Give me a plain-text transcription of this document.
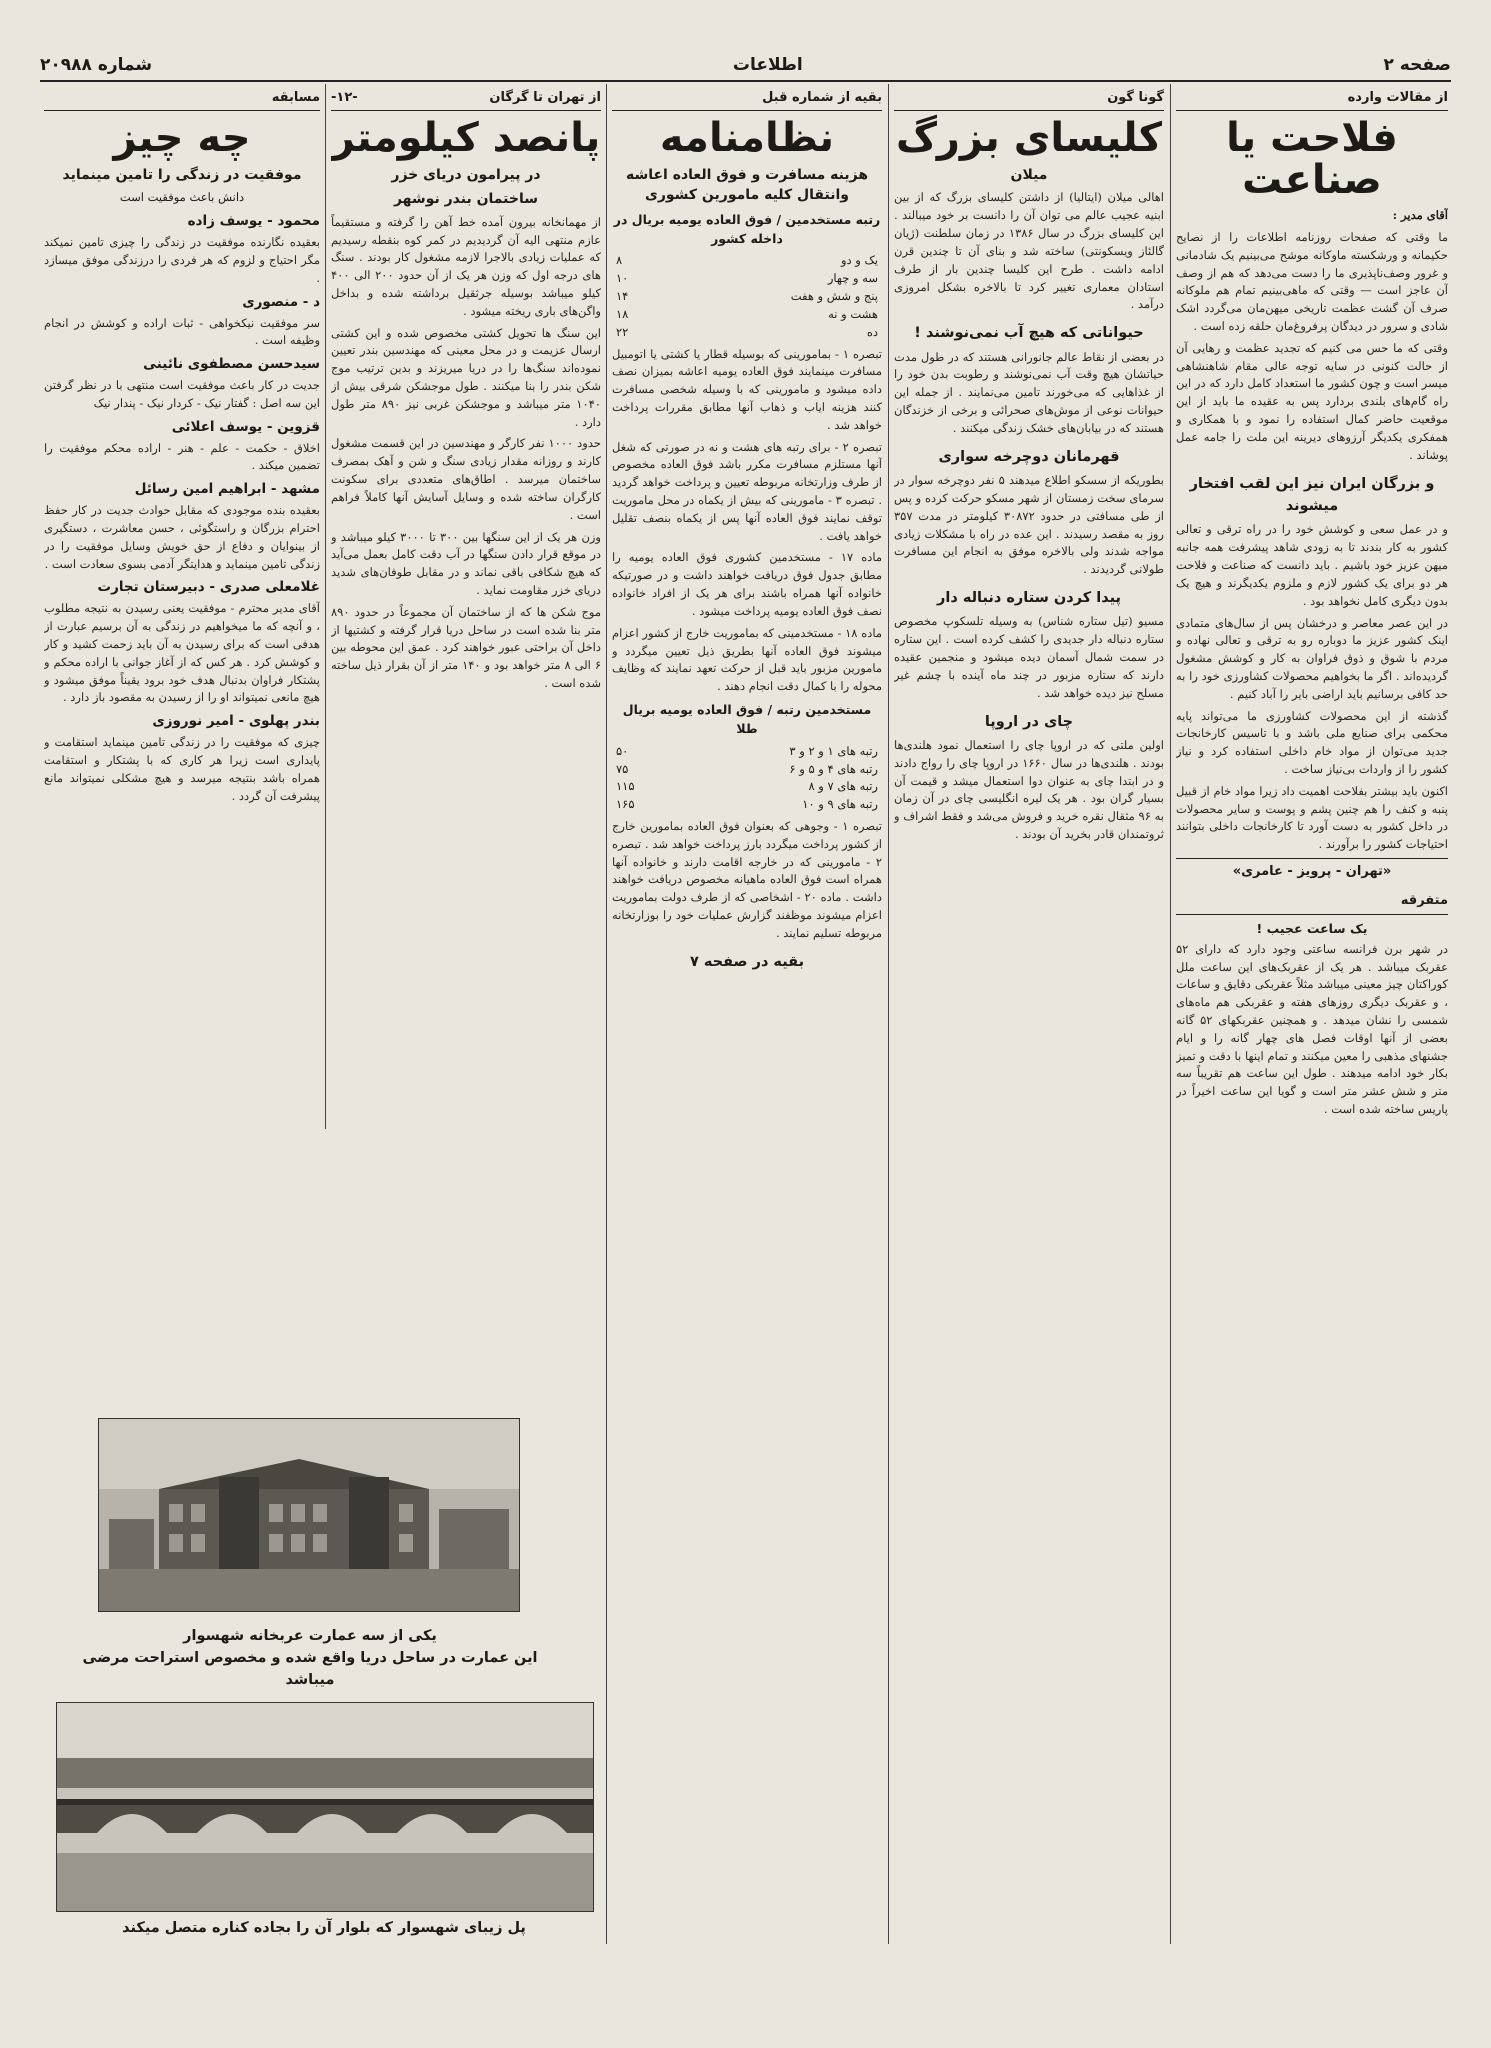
صفحه ۲
اطلاعات
شماره ۲۰۹۸۸
از مقالات وارده
فلاحت یا صناعت

آقای مدیر :

ما وقتی که صفحات روزنامه اطلاعات را از نصایح حکیمانه و ورشکسته ماوکانه موشح می‌بینیم یک شادمانی و غرور وصف‌ناپذیری ما را دست می‌دهد که هم از وصف آن عاجز است — وقتی که ماهی‌بینیم تمام هم ملوکانه صرف آن گشت عظمت تاریخی میهن‌مان می‌گردد اشک شادی و سرور در دیدگان پرفروغ‌مان حلقه زده است .

وقتی که ما حس می کنیم که تجدید عظمت و رهایی آن از حالت کنونی در سایه توجه عالی مقام شاهنشاهی میسر است و چون کشور ما استعداد کامل دارد که در این راه گام‌های بلندی بردارد پس به عقیده ما باید از این موقعیت حاضر کمال استفاده را نمود و با همکاری و همفکری یکدیگر آرزوهای دیرینه این ملت را جامه عمل پوشاند .

و بزرگان ایران نیز این لقب افتخار میشوند

و در عمل سعی و کوشش خود را در راه ترقی و تعالی کشور به کار بندند تا به زودی شاهد پیشرفت همه جانبه میهن عزیز خود باشیم . باید دانست که صناعت و فلاحت هر دو برای یک کشور لازم و ملزوم یکدیگرند و هیچ یک بدون دیگری کامل نخواهد بود .

در این عصر معاصر و درخشان پس از سال‌های متمادی اینک کشور عزیز ما دوباره رو به ترقی و تعالی نهاده و مردم با شوق و ذوق فراوان به کار و کوشش مشغول گردیده‌اند . اگر ما بخواهیم محصولات کشاورزی خود را به حد کافی برسانیم باید اراضی بایر را آباد کنیم .

گذشته از این محصولات کشاورزی ما می‌تواند پایه محکمی برای صنایع ملی باشد و با تاسیس کارخانجات جدید می‌توان از مواد خام داخلی استفاده کرد و نیاز کشور را از واردات بی‌نیاز ساخت .

اکنون باید بیشتر بفلاحت اهمیت داد زیرا مواد خام از قبیل پنبه و کنف را هم چنین پشم و پوست و سایر محصولات در داخل کشور به دست آورد تا کارخانجات داخلی بتوانند احتیاجات کشور را برآورند .

«تهران - پرویز - عامری»
متفرقه
یک ساعت عجیب !

در شهر برن فرانسه ساعتی وجود دارد که دارای ۵۲ عقربک میباشد . هر یک از عقربک‌های این ساعت ملل کوراکتان چیز معینی میباشد مثلاً عقربکی دقایق و ساعات ، و عقربک دیگری روزهای هفته و عقربکی هم ماه‌های شمسی را نشان میدهد . و همچنین عقربکهای ۵۲ گانه بعضی از آنها اوقات فصل های چهار گانه را و ایام جشنهای مذهبی را معین میکنند و تمام اینها با دقت و تمیز بکار خود ادامه میدهند . طول این ساعت هم تقریباً سه متر و شش عشر متر است و گویا این ساعت اخیراً در پاریس ساخته شده است .

گونا گون
کلیسای بزرگ
میلان

اهالی میلان (ایتالیا) از داشتن کلیسای بزرگ که از بین ابنیه عجیب عالم می توان آن را دانست بر خود میبالند . این کلیسای بزرگ در سال ۱۳۸۶ در زمان سلطنت (ژیان گالئاز ویسکونتی) ساخته شد و بنای آن تا چندین قرن ادامه داشت . طرح این کلیسا چندین بار از طرف استادان معماری تغییر کرد تا بالاخره بشکل امروزی درآمد .

حیواناتی که هیچ آب نمی‌نوشند !

در بعضی از نقاط عالم جانورانی هستند که در طول مدت حیاتشان هیچ وقت آب نمی‌نوشند و رطوبت بدن خود را از غذاهایی که می‌خورند تامین می‌نمایند . از جمله این حیوانات نوعی از موش‌های صحرائی و برخی از خزندگان هستند که در بیابان‌های خشک زندگی میکنند .

قهرمانان دوچرخه سواری

بطوریکه از سسکو اطلاع میدهند ۵ نفر دوچرخه سوار در سرمای سخت زمستان از شهر مسکو حرکت کرده و پس از طی مسافتی در حدود ۳۰۸۷۲ کیلومتر در مدت ۳۵۷ روز به مقصد رسیدند . این عده در راه با مشکلات زیادی مواجه شدند ولی بالاخره موفق به انجام این مسافرت طولانی گردیدند .

پیدا کردن ستاره دنباله دار

مسیو (تیل ستاره شناس) به وسیله تلسکوپ مخصوص ستاره دنباله دار جدیدی را کشف کرده است . این ستاره در سمت شمال آسمان دیده میشود و منجمین عقیده دارند که ستاره مزبور در چند ماه آینده با چشم غیر مسلح نیز دیده خواهد شد .

چای در اروپا

اولین ملتی که در اروپا چای را استعمال نمود هلندی‌ها بودند . هلندی‌ها در سال ۱۶۶۰ در اروپا چای را رواج دادند و در ابتدا چای به عنوان دوا استعمال میشد و قیمت آن بسیار گران بود . هر یک لیره انگلیسی چای در آن زمان به ۹۶ مثقال نقره خرید و فروش می‌شد و فقط اشراف و ثروتمندان قادر بخرید آن بودند .

بقیه از شماره قبل
نظامنامه
هزینه مسافرت و فوق العاده اعاشه وانتقال کلیه مامورین کشوری
رتبه مستخدمین / فوق العاده یومیه بریال در داخله کشور
یک و دو	۸
سه و چهار	۱۰
پنج و شش و هفت	۱۴
هشت و نه	۱۸
ده	۲۲

تبصره ۱ - بمامورینی که بوسیله قطار یا کشتی یا اتومبیل مسافرت مینمایند فوق العاده یومیه اعاشه بمیزان نصف داده میشود و مامورینی که با وسیله شخصی مسافرت کنند هزینه ایاب و ذهاب آنها مطابق مقررات پرداخت خواهد شد .

تبصره ۲ - برای رتبه های هشت و نه در صورتی که شغل آنها مستلزم مسافرت مکرر باشد فوق العاده مخصوص از طرف وزارتخانه مربوطه تعیین و پرداخت خواهد گردید . تبصره ۳ - مامورینی که بیش از یکماه در محل ماموریت توقف نمایند فوق العاده آنها پس از یکماه بنصف تقلیل خواهد یافت .

ماده ۱۷ - مستخدمین کشوری فوق العاده یومیه را مطابق جدول فوق دریافت خواهند داشت و در صورتیکه خانواده آنها همراه باشند برای هر یک از افراد خانواده نصف فوق العاده یومیه پرداخت میشود .

ماده ۱۸ - مستخدمینی که بماموریت خارج از کشور اعزام میشوند فوق العاده آنها بطریق ذیل تعیین میگردد و مامورین مزبور باید قبل از حرکت تعهد نمایند که وظایف محوله را با کمال دقت انجام دهند .

مستخدمین رتبه / فوق العاده یومیه بریال طلا
رتبه های ۱ و ۲ و ۳	۵۰
رتبه های ۴ و ۵ و ۶	۷۵
رتبه های ۷ و ۸	۱۱۵
رتبه های ۹ و ۱۰	۱۶۵

تبصره ۱ - وجوهی که بعنوان فوق العاده بمامورین خارج از کشور پرداخت میگردد بارز پرداخت خواهد شد . تبصره ۲ - مامورینی که در خارجه اقامت دارند و خانواده آنها همراه است فوق العاده ماهیانه مخصوص دریافت خواهند داشت . ماده ۲۰ - اشخاصی که از طرف دولت بماموریت اعزام میشوند موظفند گزارش عملیات خود را بوزارتخانه مربوطه تسلیم نمایند .

بقیه در صفحه ۷
از تهران تا گرگان
-۱۲-
پانصد کیلومتر
در پیرامون دریای خزر
ساختمان بندر نوشهر

از مهمانخانه بیرون آمده خط آهن را گرفته و مستقیماً عازم منتهی الیه آن گردیدیم در کمر کوه بنقطه رسیدیم که عملیات زیادی بالاجرا لازمه مشغول کار بودند . سنگ های درجه اول که وزن هر یک از آن حدود ۲۰۰ الی ۴۰۰ کیلو میباشد بوسیله جرثقیل برداشته شده و بداخل واگن‌های باری ریخته میشود .

این سنگ ها تحویل کشتی مخصوص شده و این کشتی ارسال عزیمت و در محل معینی که مهندسین بندر تعیین نموده‌اند سنگ‌ها را در دریا میریزند و بدین ترتیب موج شکن بندر را بنا میکنند . طول موجشکن شرقی بیش از ۱۰۴۰ متر میباشد و موجشکن غربی نیز ۸۹۰ متر طول دارد .

حدود ۱۰۰۰ نفر کارگر و مهندسین در این قسمت مشغول کارند و روزانه مقدار زیادی سنگ و شن و آهک بمصرف ساختمان میرسد . اطاق‌های متعددی برای سکونت کارگران ساخته شده و وسایل آسایش آنها کاملاً فراهم است .

وزن هر یک از این سنگها بین ۳۰۰ تا ۳۰۰۰ کیلو میباشد و در موقع قرار دادن سنگها در آب دقت کامل بعمل می‌آید که هیچ شکافی باقی نماند و در مقابل طوفان‌های شدید دریای خزر مقاومت نماید .

موج شکن ها که از ساختمان آن مجموعاً در حدود ۸۹۰ متر بنا شده است در ساحل دریا قرار گرفته و کشتیها از داخل آن براحتی عبور خواهند کرد . عمق این محوطه بین ۶ الی ۸ متر خواهد بود و ۱۴۰ متر از آن بقرار ذیل ساخته شده است .

مسابقه
چه چیز
موفقیت در زندگی را تامین مینماید

دانش باعث موفقیت است

محمود - یوسف زاده

بعقیده نگارنده موفقیت در زندگی را چیزی تامین نمیکند مگر احتیاج و لزوم که هر فردی را درزندگی موفق میسازد .

د - منصوری

سر موفقیت نیکخواهی - ثبات اراده و کوشش در انجام وظیفه است .

سیدحسن مصطفوی نائینی

جدیت در کار باعث موفقیت است منتهی با در نظر گرفتن این سه اصل : گفتار نیک - کردار نیک - پندار نیک

قزوین - یوسف اعلائی

اخلاق - حکمت - علم - هنر - اراده محکم موفقیت را تضمین میکند .

مشهد - ابراهیم امین رسائل

بعقیده بنده موجودی که مقابل حوادث جدیت در کار حفظ احترام بزرگان و راستگوئی ، حسن معاشرت ، دستگیری از بینوایان و دفاع از حق خویش وسایل موفقیت را در زندگی تامین مینماید و هدایتگر آدمی بسوی سعادت است .

غلامعلی صدری - دبیرستان تجارت

آقای مدیر محترم - موفقیت یعنی رسیدن به نتیجه مطلوب ، و آنچه که ما میخواهیم در زندگی به آن برسیم عبارت از هدفی است که برای رسیدن به آن باید زحمت کشید و کار و کوشش کرد . هر کس که از آغاز جوانی با اراده محکم و پشتکار فراوان بدنبال هدف خود برود یقیناً موفق میشود و هیچ مانعی نمیتواند او را از رسیدن به مقصود باز دارد .

بندر پهلوی - امیر نوروزی

چیزی که موفقیت را در زندگی تامین مینماید استقامت و پایداری است زیرا هر کاری که با پشتکار و استقامت همراه باشد بنتیجه میرسد و هیچ مشکلی نمیتواند مانع پیشرفت آن گردد .

یکی از سه عمارت عربخانه شهسوار
این عمارت در ساحل دریا واقع شده و مخصوص استراحت مرضی میباشد
پل زیبای شهسوار که بلوار آن را بجاده کناره متصل میکند
